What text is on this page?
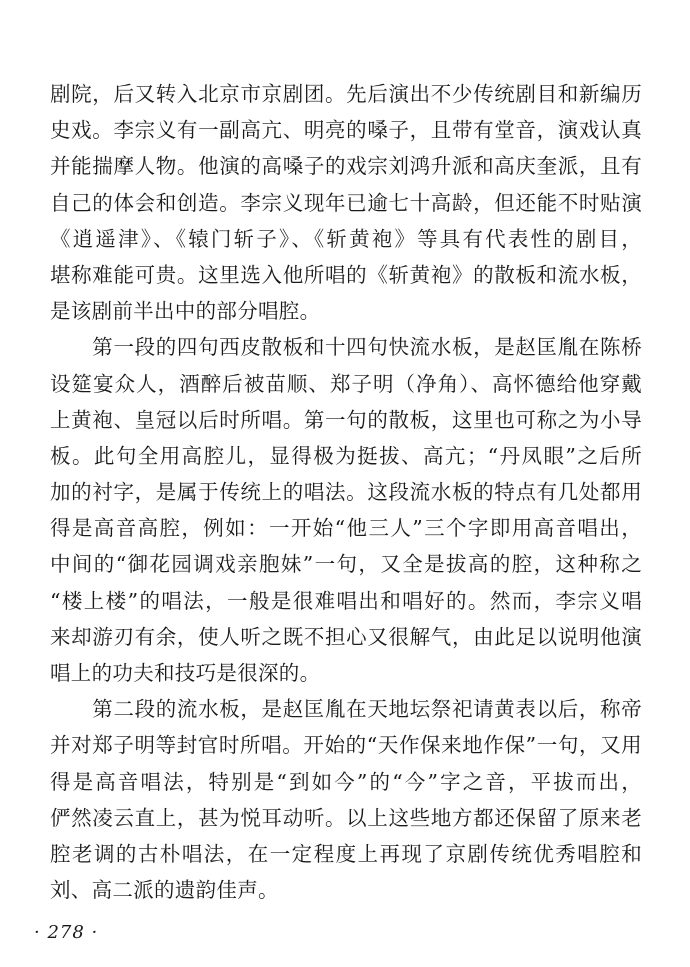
剧院，后又转入北京市京剧团。先后演出不少传统剧目和新编历
史戏。李宗义有一副高亢、明亮的嗓子，且带有堂音，演戏认真
并能揣摩人物。他演的高嗓子的戏宗刘鸿升派和高庆奎派，且有
自己的体会和创造。李宗义现年已逾七十高龄，但还能不时贴演
《逍遥津》、《辕门斩子》、《斩黄袍》等具有代表性的剧目，
堪称难能可贵。这里选入他所唱的《斩黄袍》的散板和流水板，
是该剧前半出中的部分唱腔。
　　第一段的四句西皮散板和十四句快流水板，是赵匡胤在陈桥
设筵宴众人，酒醉后被苗顺、郑子明（净角）、高怀德给他穿戴
上黄袍、皇冠以后时所唱。第一句的散板，这里也可称之为小导
板。此句全用高腔儿，显得极为挺拔、高亢；“丹凤眼”之后所
加的衬字，是属于传统上的唱法。这段流水板的特点有几处都用
得是高音高腔，例如：一开始“他三人”三个字即用高音唱出，
中间的“御花园调戏亲胞妹”一句，又全是拔高的腔，这种称之
“楼上楼”的唱法，一般是很难唱出和唱好的。然而，李宗义唱
来却游刃有余，使人听之既不担心又很解气，由此足以说明他演
唱上的功夫和技巧是很深的。
　　第二段的流水板，是赵匡胤在天地坛祭祀请黄表以后，称帝
并对郑子明等封官时所唱。开始的“天作保来地作保”一句，又用
得是高音唱法，特别是“到如今”的“今”字之音，平拔而出，
俨然凌云直上，甚为悦耳动听。以上这些地方都还保留了原来老
腔老调的古朴唱法，在一定程度上再现了京剧传统优秀唱腔和
刘、高二派的遗韵佳声。
· 278 ·
